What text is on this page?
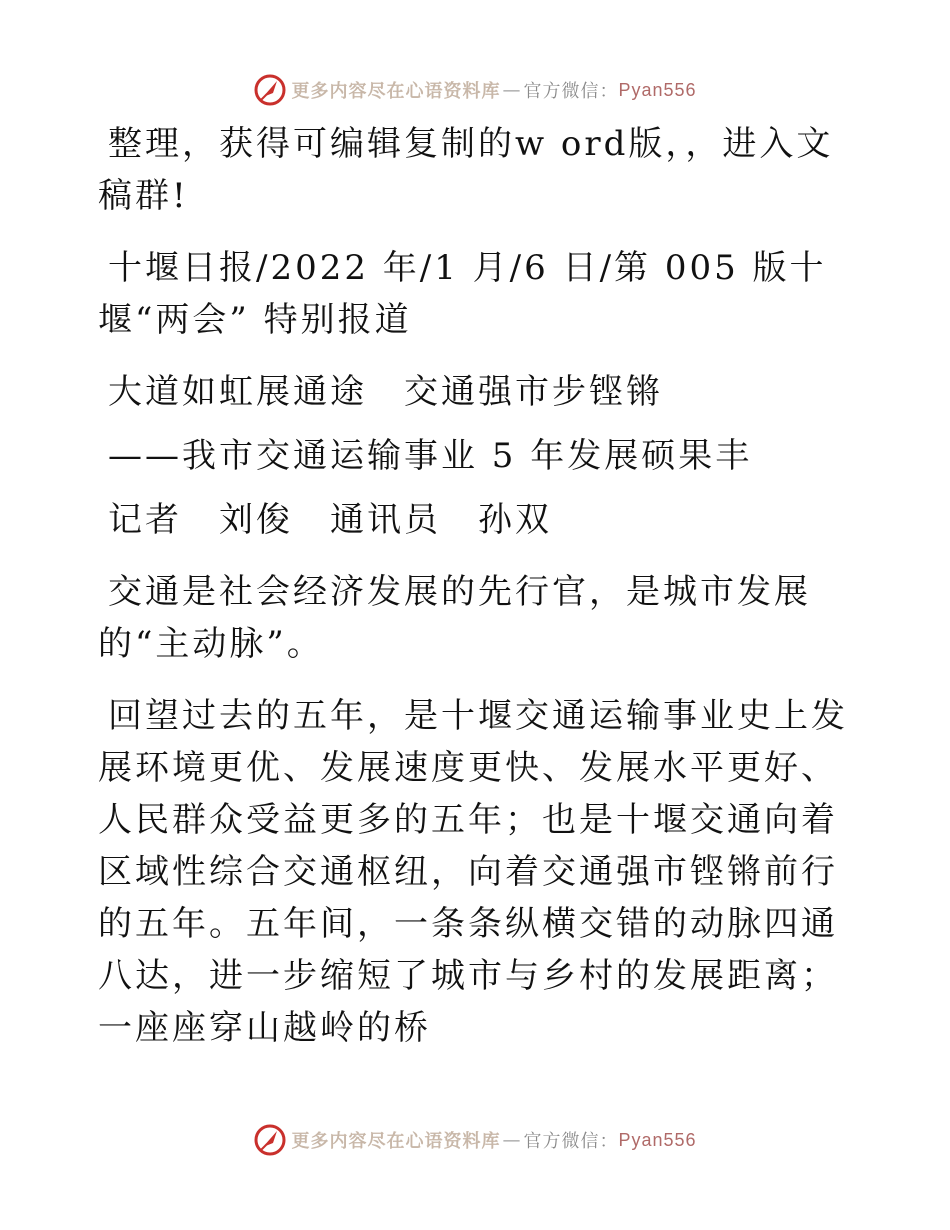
更多内容尽在心语资料库 — 官方微信： Pyan556

整理，获得可编辑复制的w ord版，，进入文稿群!

十堰日报/2022 年/1 月/6 日/第 005 版十堰“两会” 特别报道

大道如虹展通途　交通强市步铿锵

——我市交通运输事业 5 年发展硕果丰

记者　刘俊　通讯员　孙双

交通是社会经济发展的先行官，是城市发展的“主动脉”。

回望过去的五年，是十堰交通运输事业史上发展环境更优、发展速度更快、发展水平更好、人民群众受益更多的五年；也是十堰交通向着区域性综合交通枢纽，向着交通强市铿锵前行的五年。五年间，一条条纵横交错的动脉四通八达，进一步缩短了城市与乡村的发展距离；一座座穿山越岭的桥

更多内容尽在心语资料库 — 官方微信： Pyan556
